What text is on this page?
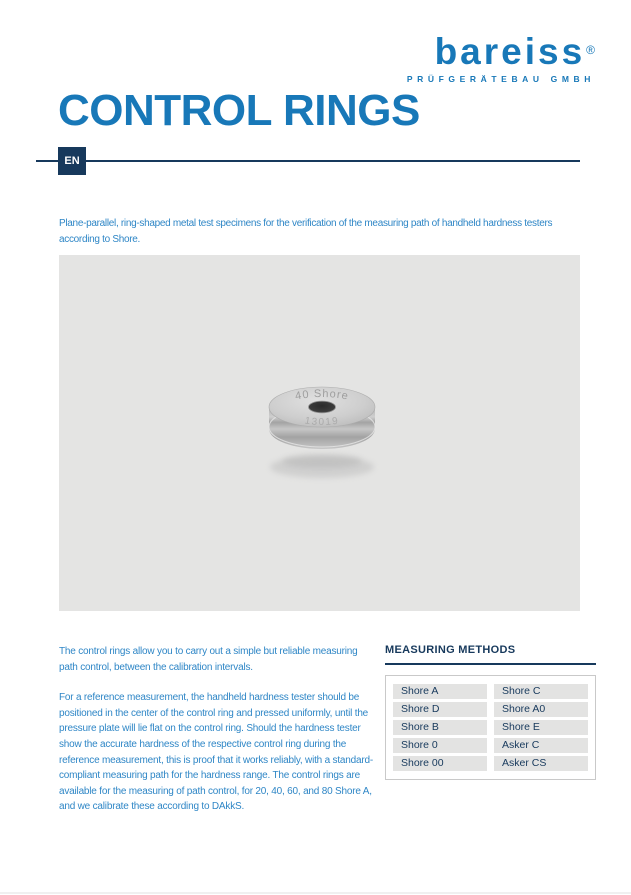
bareiss®
PRÜFGERÄTEBAU GMBH
CONTROL RINGS
EN

Plane-parallel, ring-shaped metal test specimens for the verification of the measuring path of handheld hardness testers according to Shore.

40 Shore
13019

The control rings allow you to carry out a simple but reliable measuring path control, between the calibration intervals.

For a reference measurement, the handheld hardness tester should be positioned in the center of the control ring and pressed uniformly, until the pressure plate will lie flat on the control ring. Should the hardness tester show the accurate hardness of the respective control ring during the reference measurement, this is proof that it works reliably, with a standard-compliant measuring path for the hardness range. The control rings are available for the measuring of path control, for 20, 40, 60, and 80 Shore A, and we calibrate these according to DAkkS.

MEASURING METHODS
Shore A	Shore C
Shore D	Shore A0
Shore B	Shore E
Shore 0	Asker C
Shore 00	Asker CS
